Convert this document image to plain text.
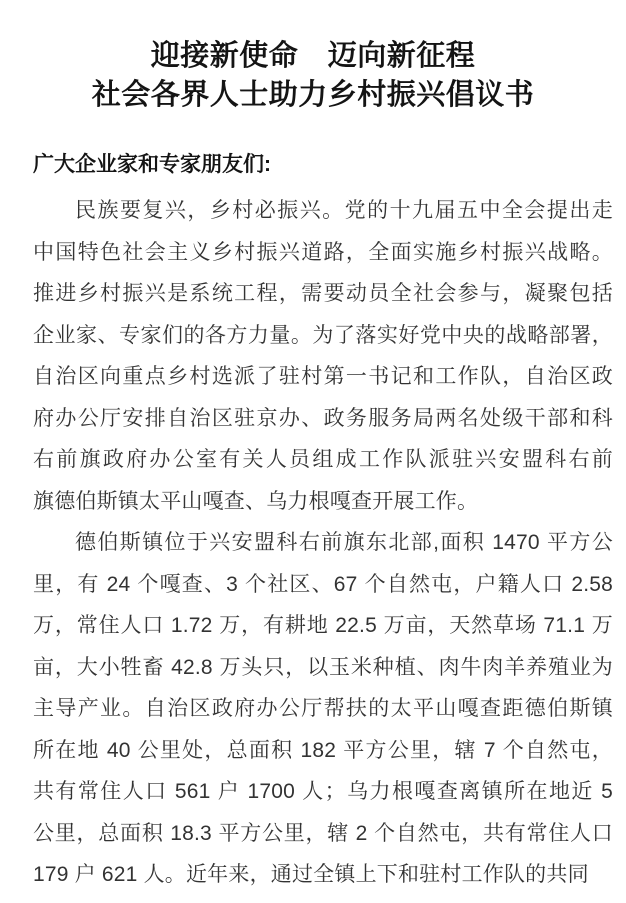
迎接新使命　迈向新征程
社会各界人士助力乡村振兴倡议书
广大企业家和专家朋友们:
民族要复兴，乡村必振兴。党的十九届五中全会提出走
中国特色社会主义乡村振兴道路，全面实施乡村振兴战略。
推进乡村振兴是系统工程，需要动员全社会参与，凝聚包括
企业家、专家们的各方力量。为了落实好党中央的战略部署，
自治区向重点乡村选派了驻村第一书记和工作队，自治区政
府办公厅安排自治区驻京办、政务服务局两名处级干部和科
右前旗政府办公室有关人员组成工作队派驻兴安盟科右前
旗德伯斯镇太平山嘎查、乌力根嘎查开展工作。
德伯斯镇位于兴安盟科右前旗东北部,面积 1470 平方公
里，有 24 个嘎查、3 个社区、67 个自然屯，户籍人口 2.58
万，常住人口 1.72 万，有耕地 22.5 万亩，天然草场 71.1 万
亩，大小牲畜 42.8 万头只，以玉米种植、肉牛肉羊养殖业为
主导产业。自治区政府办公厅帮扶的太平山嘎查距德伯斯镇
所在地 40 公里处，总面积 182 平方公里，辖 7 个自然屯，
共有常住人口 561 户 1700 人；乌力根嘎查离镇所在地近 5
公里，总面积 18.3 平方公里，辖 2 个自然屯，共有常住人口
179 户 621 人。近年来，通过全镇上下和驻村工作队的共同
